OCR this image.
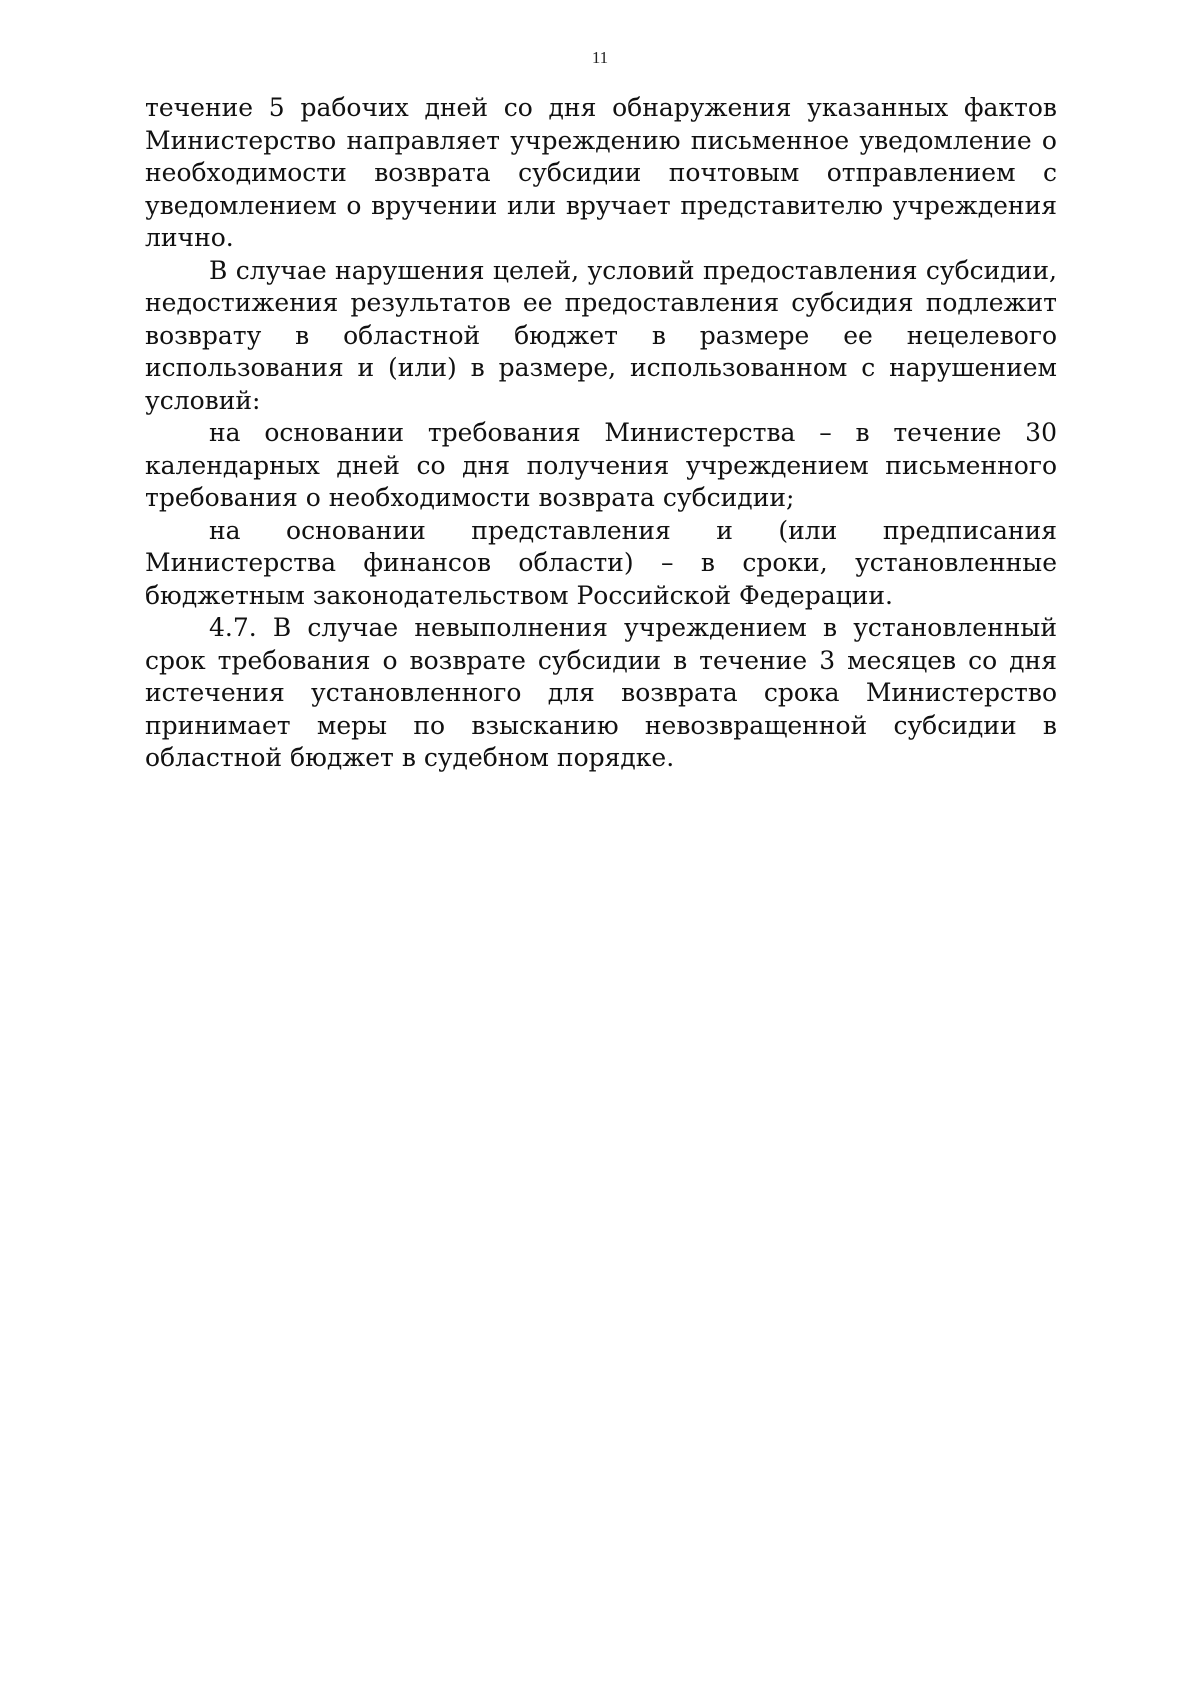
11

течение 5 рабочих дней со дня обнаружения указанных фактов Министерство направляет учреждению письменное уведомление о необходимости возврата субсидии почтовым отправлением с уведомлением о вручении или вручает представителю учреждения лично.

В случае нарушения целей, условий предоставления субсидии, недостижения результатов ее предоставления субсидия подлежит возврату в областной бюджет в размере ее нецелевого использования и (или) в размере, использованном с нарушением условий:

на основании требования Министерства – в течение 30 календарных дней со дня получения учреждением письменного требования о необходимости возврата субсидии;

на основании представления и (или предписания Министерства финансов области) – в сроки, установленные бюджетным законодательством Российской Федерации.

4.7. В случае невыполнения учреждением в установленный срок требования о возврате субсидии в течение 3 месяцев со дня истечения установленного для возврата срока Министерство принимает меры по взысканию невозвращенной субсидии в областной бюджет в судебном порядке.
